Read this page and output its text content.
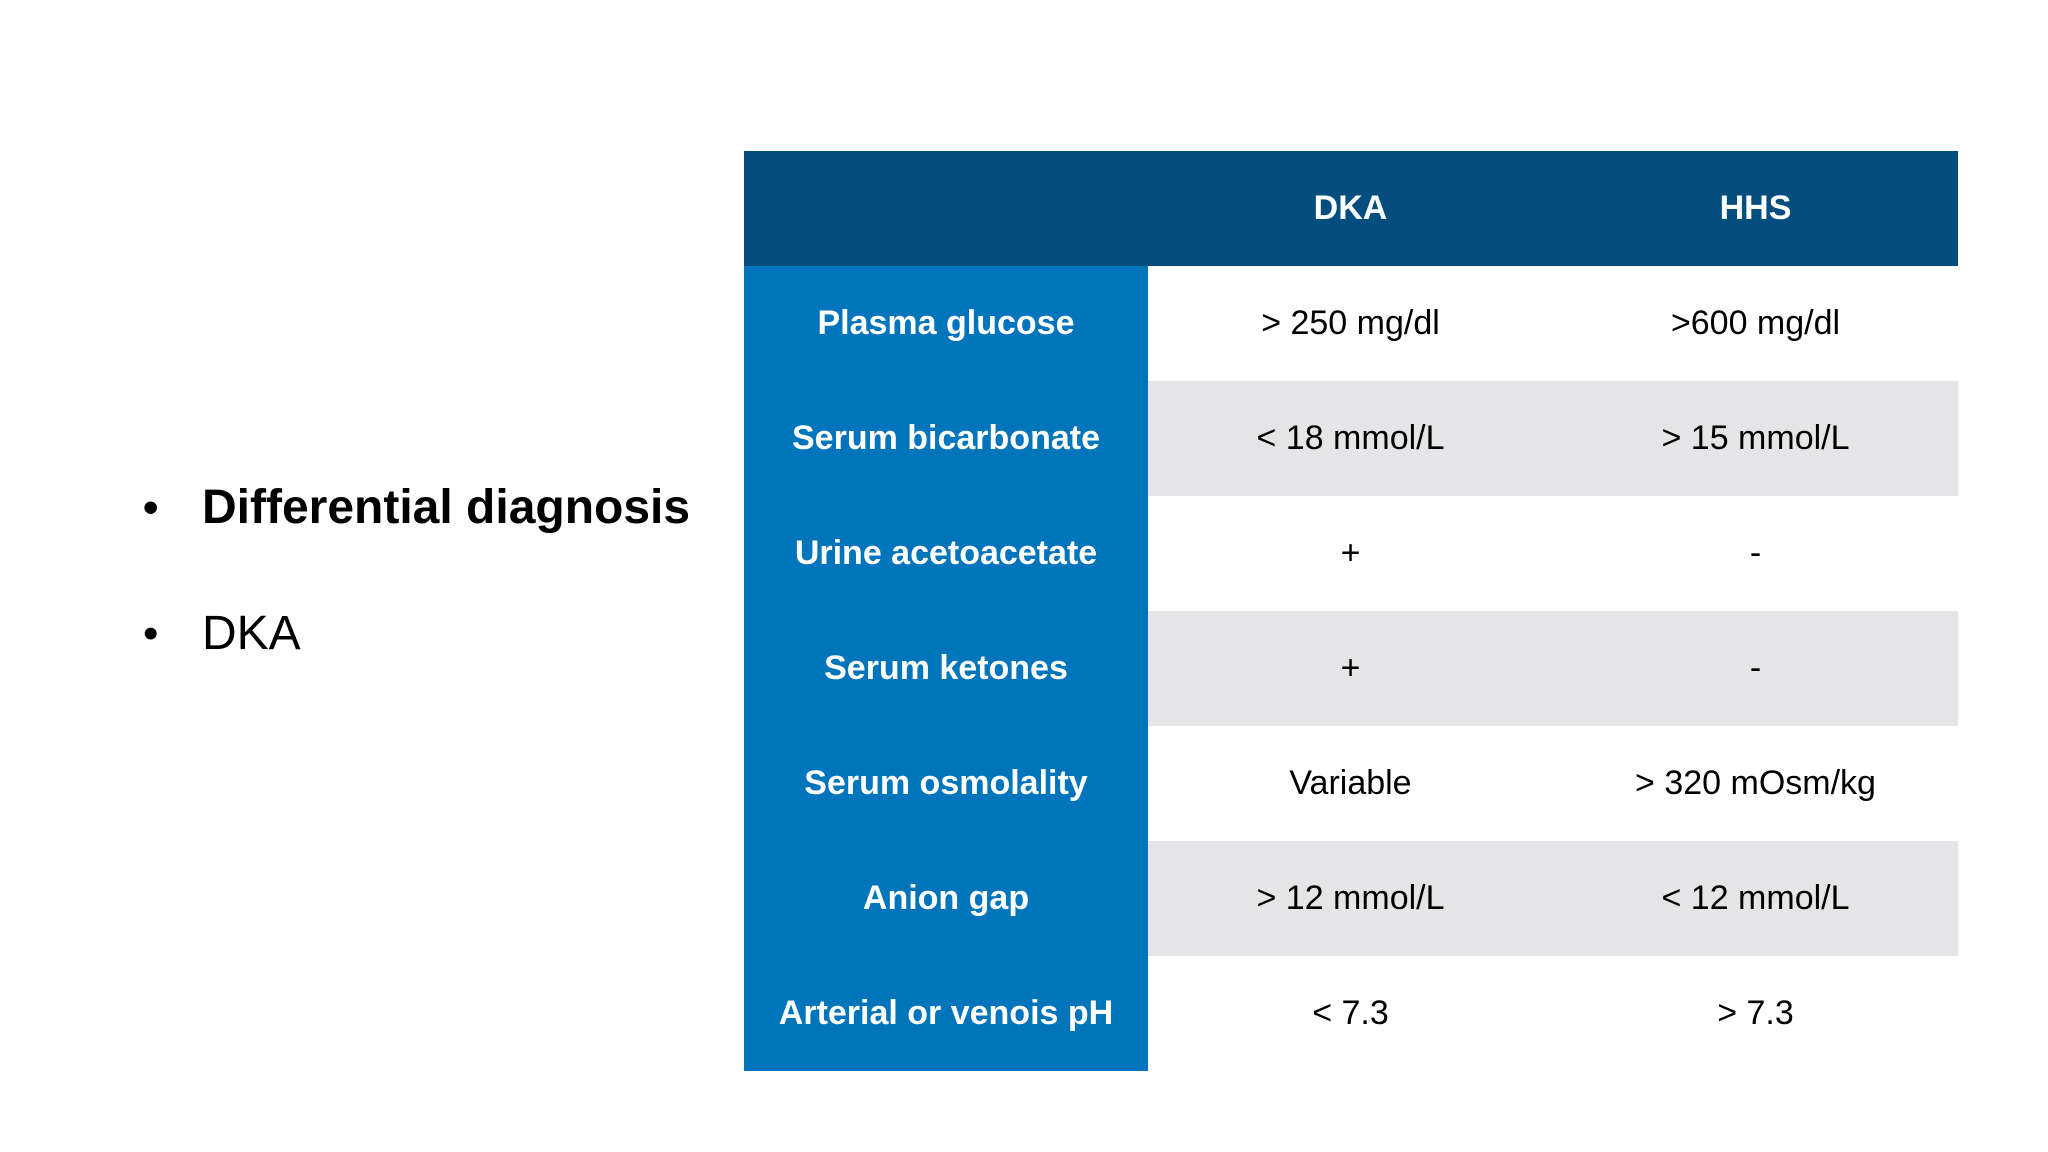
• Differential diagnosis
• DKA
	DKA	HHS
Plasma glucose	> 250 mg/dl	>600 mg/dl
Serum bicarbonate	< 18 mmol/L	> 15 mmol/L
Urine acetoacetate	+	-
Serum ketones	+	-
Serum osmolality	Variable	> 320 mOsm/kg
Anion gap	> 12 mmol/L	< 12 mmol/L
Arterial or venois pH	< 7.3	> 7.3
